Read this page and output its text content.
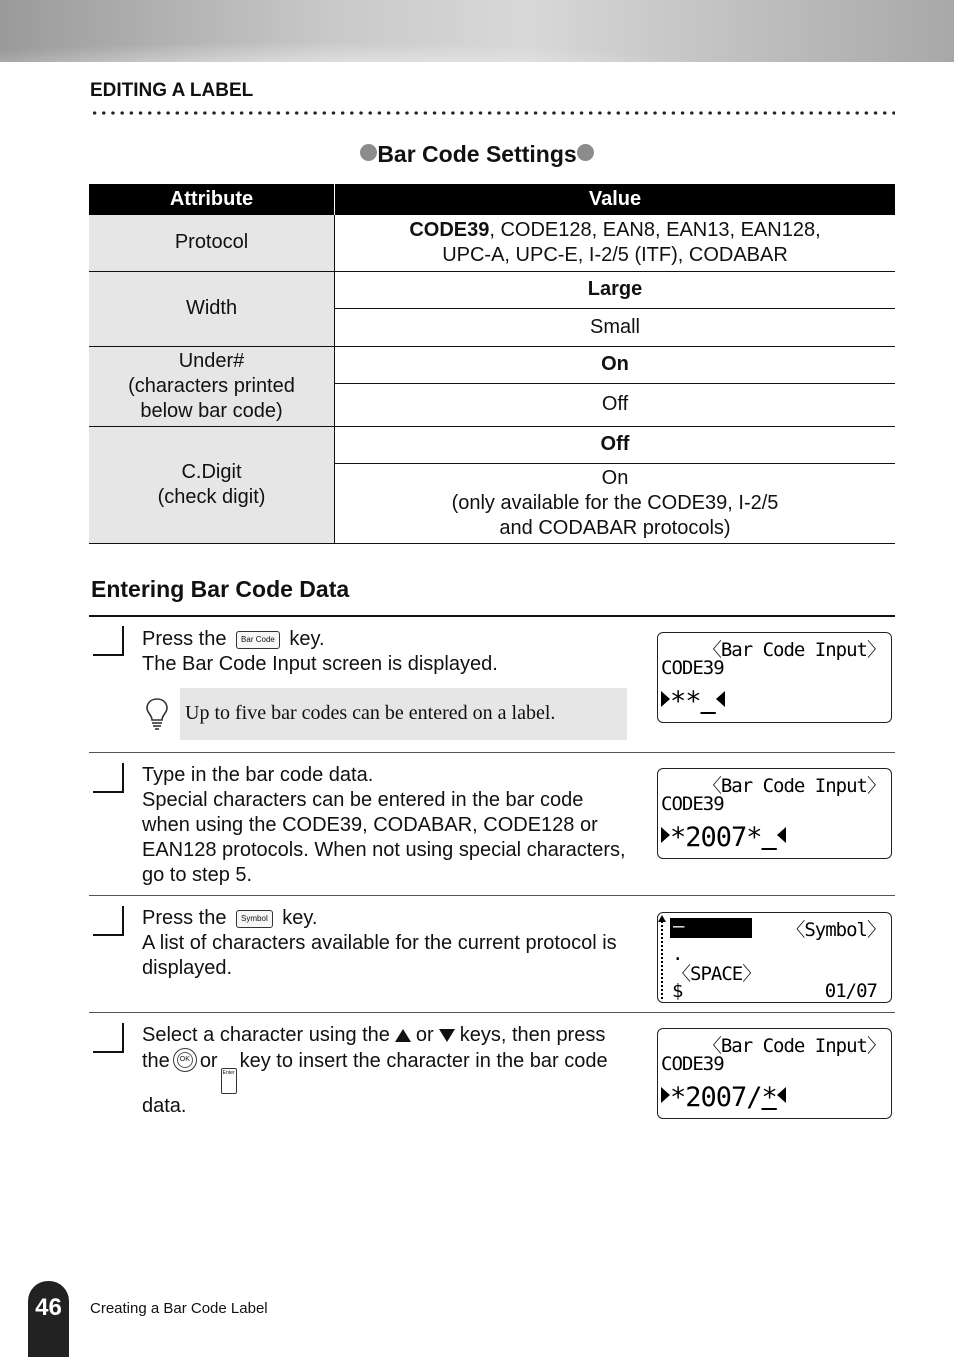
EDITING A LABEL
Bar Code Settings
Attribute	Value
Protocol	CODE39, CODE128, EAN8, EAN13, EAN128,
UPC-A, UPC-E, I-2/5 (ITF), CODABAR
Width	Large
	Small
Under#
(characters printed
below bar code)	On
	Off
C.Digit
(check digit)	Off
	On
(only available for the CODE39, I-2/5
and CODABAR protocols)
Entering Bar Code Data
Press the Bar Code key.
The Bar Code Input screen is displayed.
Up to five bar codes can be entered on a label.
〈Bar Code Input〉
CODE39
**
Type in the bar code data.
Special characters can be entered in the bar code
when using the CODE39, CODABAR, CODE128 or
EAN128 protocols. When not using special characters,
go to step 5.
〈Bar Code Input〉
CODE39
*2007*
Press the Symbol key.
A list of characters available for the current protocol is
displayed.
–	〈Symbol〉
.
〈SPACE〉
$	01/07
Select a character using the or keys, then press
the	OK orEnterkey to insert the character in the bar code
data.
〈Bar Code Input〉
CODE39
*2007/*
46	Creating a Bar Code Label
